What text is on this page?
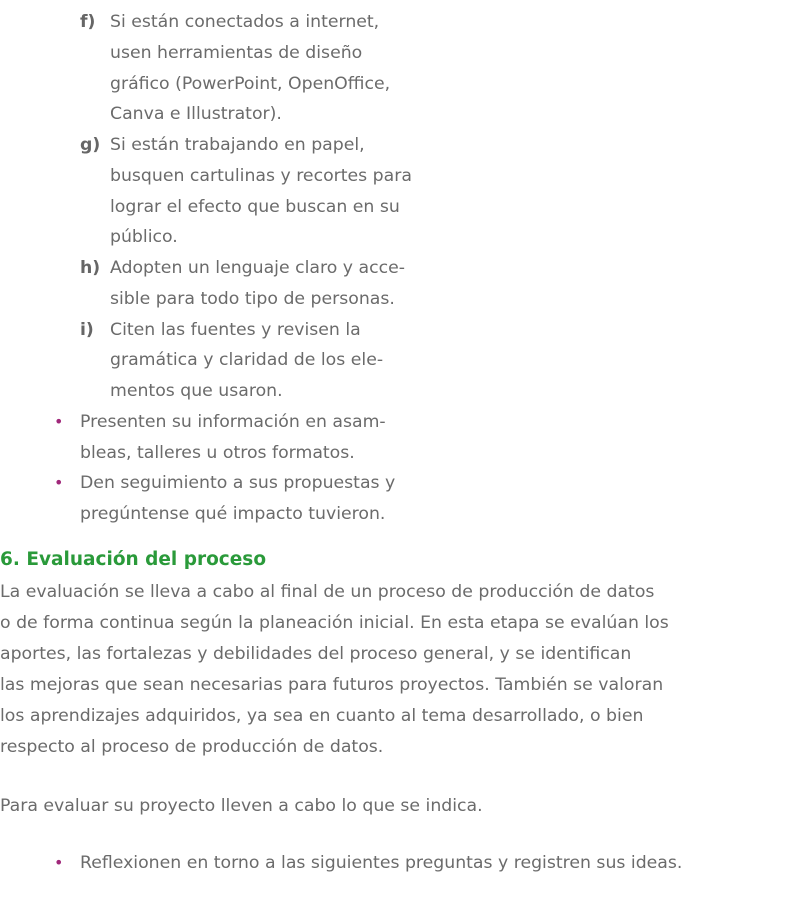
f) Si están conectados a internet,
usen herramientas de diseño
gráfico (PowerPoint, OpenOffice,
Canva e Illustrator).
g) Si están trabajando en papel,
busquen cartulinas y recortes para
lograr el efecto que buscan en su
público.
h) Adopten un lenguaje claro y acce-
sible para todo tipo de personas.
i) Citen las fuentes y revisen la
gramática y claridad de los ele-
mentos que usaron.
• Presenten su información en asam-
bleas, talleres u otros formatos.
• Den seguimiento a sus propuestas y
pregúntense qué impacto tuvieron.
La evaluación se lleva a cabo al final de un proceso de producción de datos
o de forma continua según la planeación inicial. En esta etapa se evalúan los
aportes, las fortalezas y debilidades del proceso general, y se identifican
las mejoras que sean necesarias para futuros proyectos. También se valoran
los aprendizajes adquiridos, ya sea en cuanto al tema desarrollado, o bien
respecto al proceso de producción de datos.
Para evaluar su proyecto lleven a cabo lo que se indica.
• Reflexionen en torno a las siguientes preguntas y registren sus ideas.
6. Evaluación del proceso
